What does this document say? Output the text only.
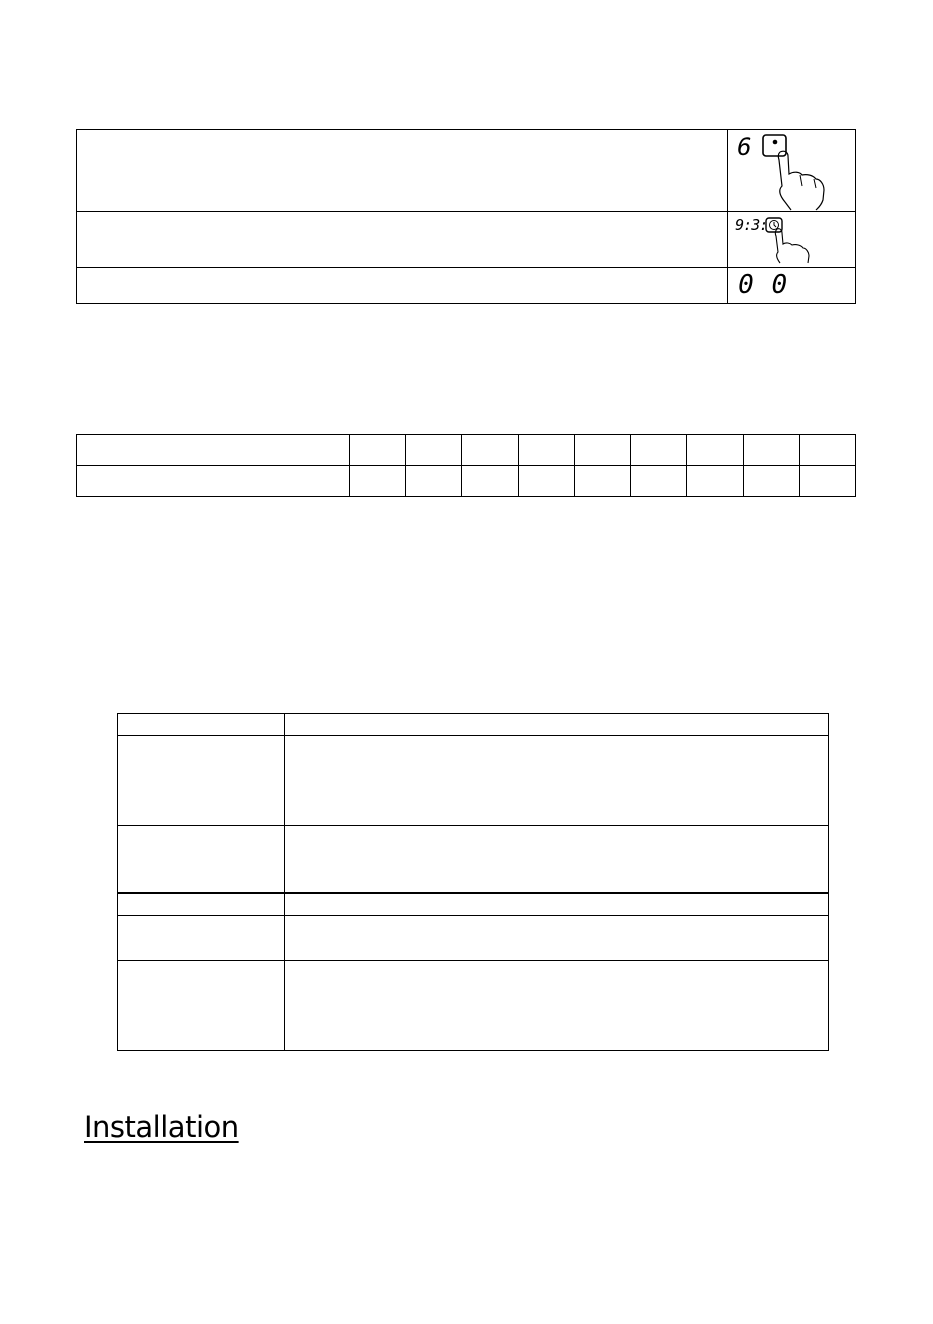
	6

	9:3:

	0 0

Installation
